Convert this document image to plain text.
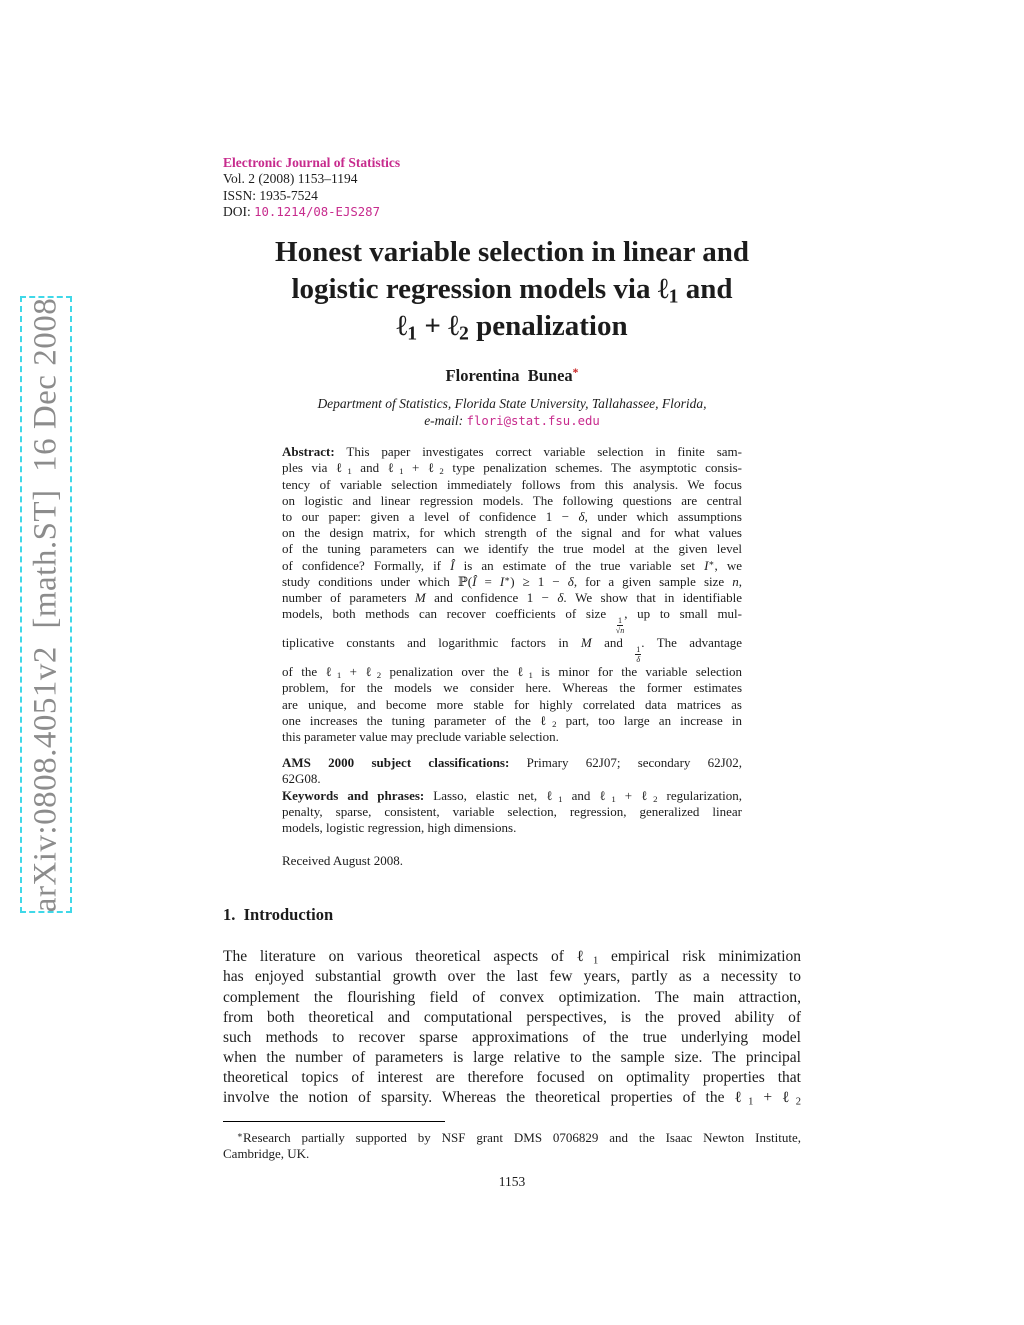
arXiv:0808.4051v2  [math.ST]  16 Dec 2008
Electronic Journal of Statistics
Vol. 2 (2008) 1153–1194
ISSN: 1935-7524
DOI: 10.1214/08-EJS287
Honest variable selection in linear and
logistic regression models via ℓ$_1$ and
ℓ$_1$ + ℓ$_2$ penalization
Florentina  Bunea*
Department of Statistics, Florida State University, Tallahassee, Florida,
e-mail: flori@stat.fsu.edu
Abstract: This paper investigates correct variable selection in finite sam-
ples via ℓ$_1$ and ℓ$_1$ + ℓ$_2$ type penalization schemes. The asymptotic consis-
tency of variable selection immediately follows from this analysis. We focus
on logistic and linear regression models. The following questions are central
to our paper: given a level of confidence 1 − δ, under which assumptions
on the design matrix, for which strength of the signal and for what values
of the tuning parameters can we identify the true model at the given level
of confidence? Formally, if Î is an estimate of the true variable set I∗, we
study conditions under which ℙ(Î = I∗) ≥ 1 − δ, for a given sample size n,
number of parameters M and confidence 1 − δ. We show that in identifiable
models, both methods can recover coefficients of size
$\frac{1}{√n}$
, up to small mul-
tiplicative constants and logarithmic factors in M and
$\frac{1}{\delta}$
. The advantage
of the ℓ$_1$ + ℓ$_2$ penalization over the ℓ$_1$ is minor for the variable selection
problem, for the models we consider here. Whereas the former estimates
are unique, and become more stable for highly correlated data matrices as
one increases the tuning parameter of the ℓ$_2$ part, too large an increase in
this parameter value may preclude variable selection.
AMS 2000 subject classifications: Primary 62J07; secondary 62J02,
62G08.
Keywords and phrases: Lasso, elastic net, ℓ$_1$ and ℓ$_1$ + ℓ$_2$ regularization,
penalty, sparse, consistent, variable selection, regression, generalized linear
models, logistic regression, high dimensions.
Received August 2008.
1.  Introduction
The literature on various theoretical aspects of ℓ$_1$ empirical risk minimization
has enjoyed substantial growth over the last few years, partly as a necessity to
complement the flourishing field of convex optimization. The main attraction,
from both theoretical and computational perspectives, is the proved ability of
such methods to recover sparse approximations of the true underlying model
when the number of parameters is large relative to the sample size. The principal
theoretical topics of interest are therefore focused on optimality properties that
involve the notion of sparsity. Whereas the theoretical properties of the ℓ$_1$ + ℓ$_2$
∗Research partially supported by NSF grant DMS 0706829 and the Isaac Newton Institute,
Cambridge, UK.
1153
